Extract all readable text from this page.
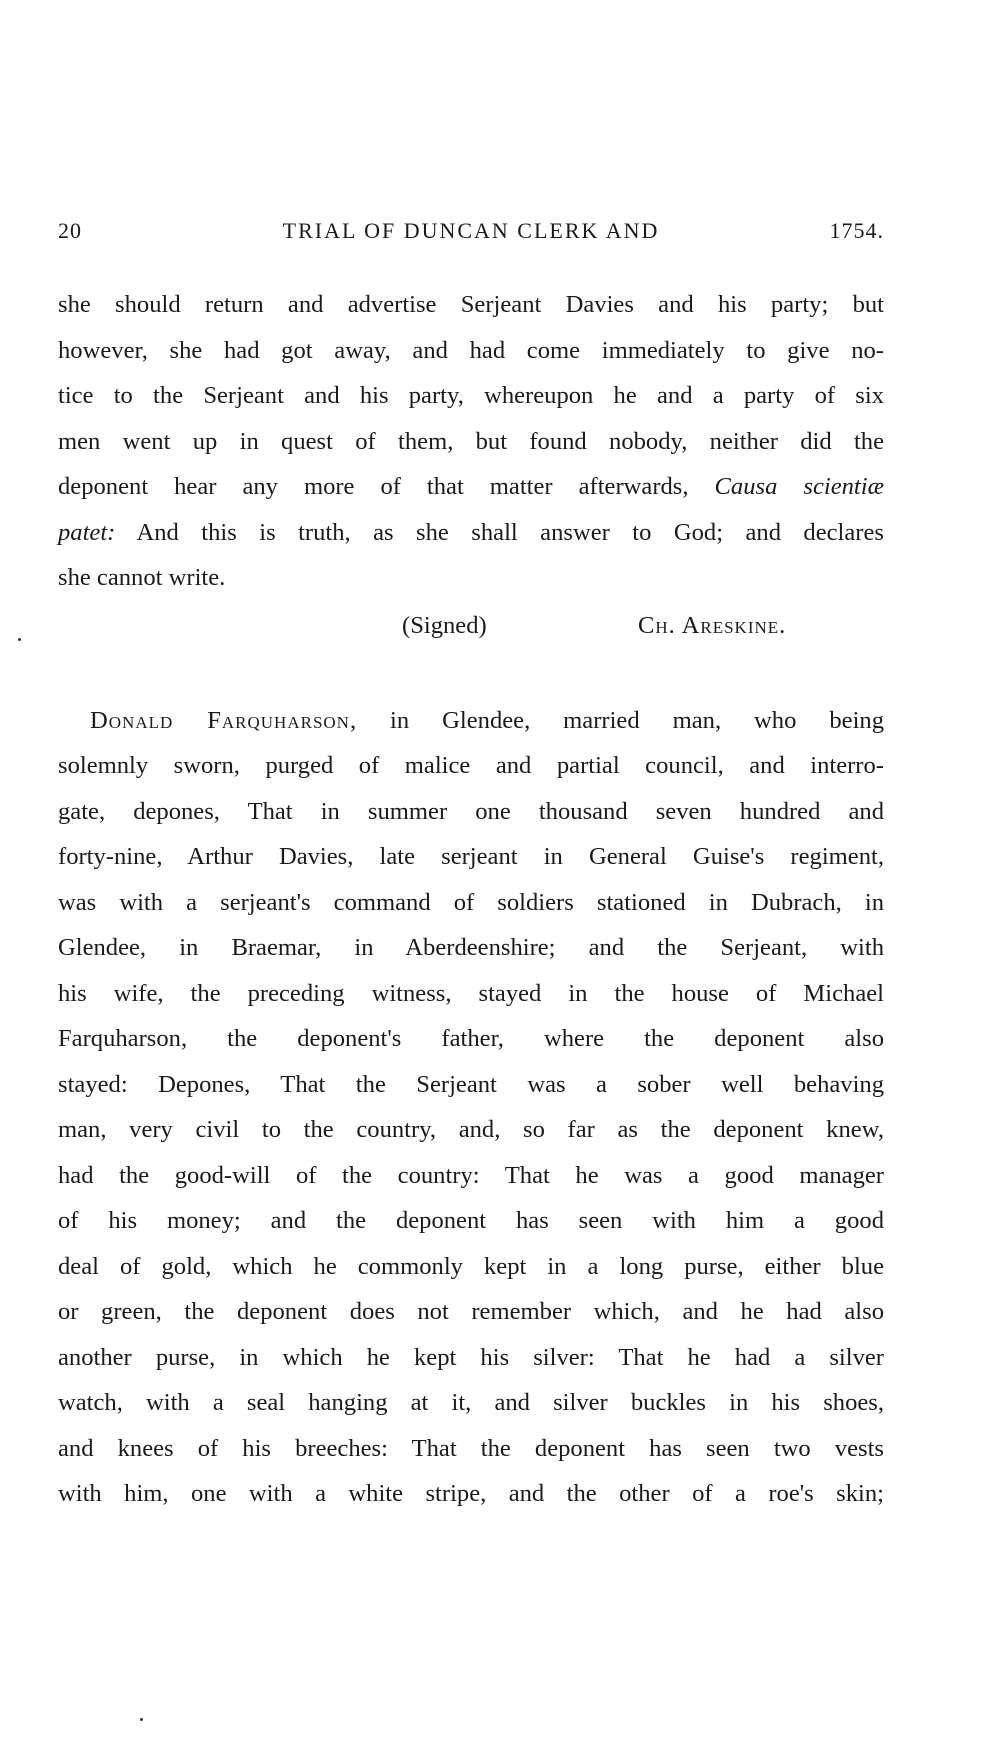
20	TRIAL OF DUNCAN CLERK AND	1754.
she should return and advertise Serjeant Davies and his party; but
however, she had got away, and had come immediately to give no-
tice to the Serjeant and his party, whereupon he and a party of six
men went up in quest of them, but found nobody, neither did the
deponent hear any more of that matter afterwards, Causa scientiæ
patet: And this is truth, as she shall answer to God; and declares
she cannot write.
(Signed)	Ch. Areskine.
Donald Farquharson, in Glendee, married man, who being
solemnly sworn, purged of malice and partial council, and interro-
gate, depones, That in summer one thousand seven hundred and
forty-nine, Arthur Davies, late serjeant in General Guise's regiment,
was with a serjeant's command of soldiers stationed in Dubrach, in
Glendee, in Braemar, in Aberdeenshire; and the Serjeant, with
his wife, the preceding witness, stayed in the house of Michael
Farquharson, the deponent's father, where the deponent also
stayed: Depones, That the Serjeant was a sober well behaving
man, very civil to the country, and, so far as the deponent knew,
had the good-will of the country: That he was a good manager
of his money; and the deponent has seen with him a good
deal of gold, which he commonly kept in a long purse, either blue
or green, the deponent does not remember which, and he had also
another purse, in which he kept his silver: That he had a silver
watch, with a seal hanging at it, and silver buckles in his shoes,
and knees of his breeches: That the deponent has seen two vests
with him, one with a white stripe, and the other of a roe's skin;
